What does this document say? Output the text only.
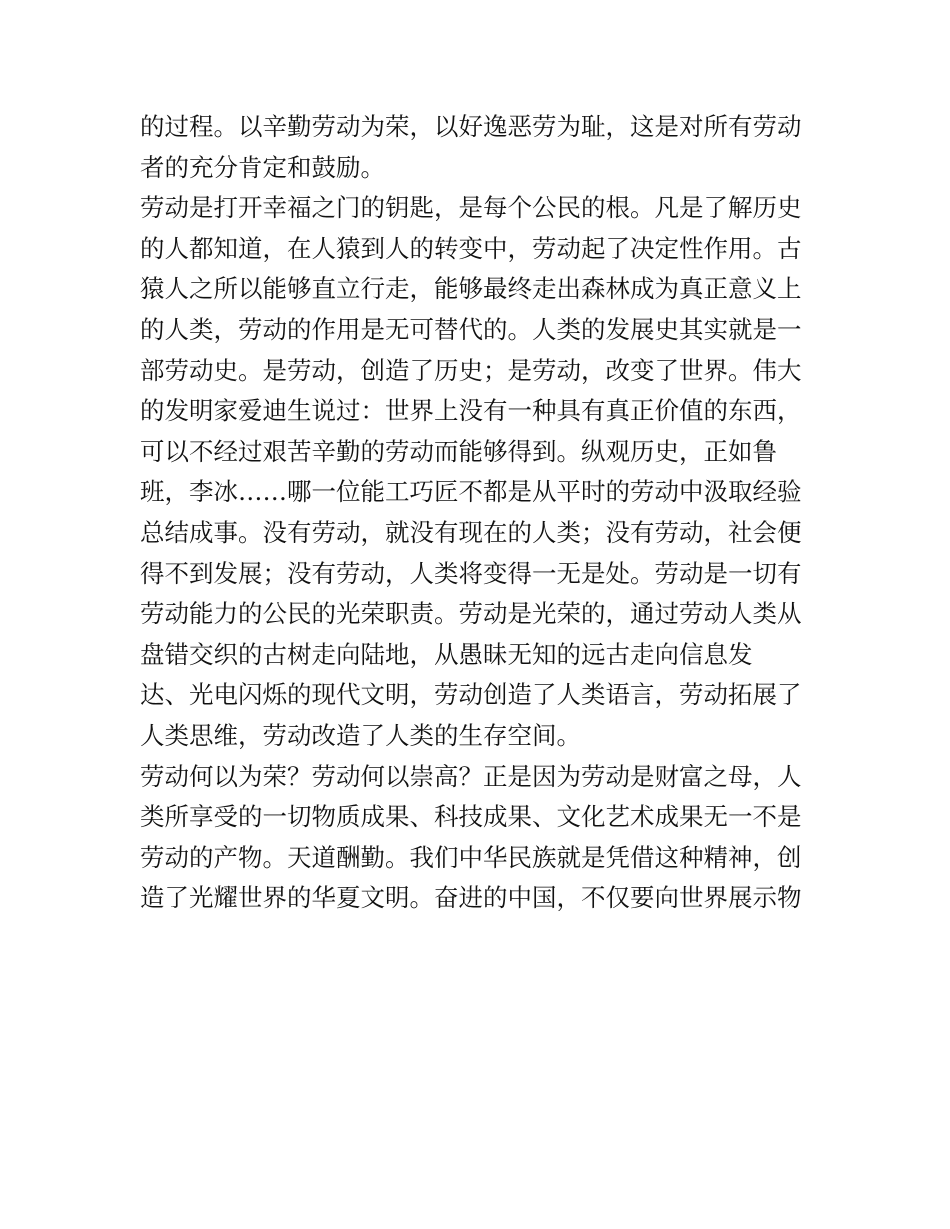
的过程。以辛勤劳动为荣，以好逸恶劳为耻，这是对所有劳动
者的充分肯定和鼓励。
劳动是打开幸福之门的钥匙，是每个公民的根。凡是了解历史
的人都知道，在人猿到人的转变中，劳动起了决定性作用。古
猿人之所以能够直立行走，能够最终走出森林成为真正意义上
的人类，劳动的作用是无可替代的。人类的发展史其实就是一
部劳动史。是劳动，创造了历史；是劳动，改变了世界。伟大
的发明家爱迪生说过：世界上没有一种具有真正价值的东西，
可以不经过艰苦辛勤的劳动而能够得到。纵观历史，正如鲁
班，李冰……哪一位能工巧匠不都是从平时的劳动中汲取经验
总结成事。没有劳动，就没有现在的人类；没有劳动，社会便
得不到发展；没有劳动，人类将变得一无是处。劳动是一切有
劳动能力的公民的光荣职责。劳动是光荣的，通过劳动人类从
盘错交织的古树走向陆地，从愚昧无知的远古走向信息发
达、光电闪烁的现代文明，劳动创造了人类语言，劳动拓展了
人类思维，劳动改造了人类的生存空间。
劳动何以为荣？劳动何以崇高？正是因为劳动是财富之母，人
类所享受的一切物质成果、科技成果、文化艺术成果无一不是
劳动的产物。天道酬勤。我们中华民族就是凭借这种精神，创
造了光耀世界的华夏文明。奋进的中国，不仅要向世界展示物
